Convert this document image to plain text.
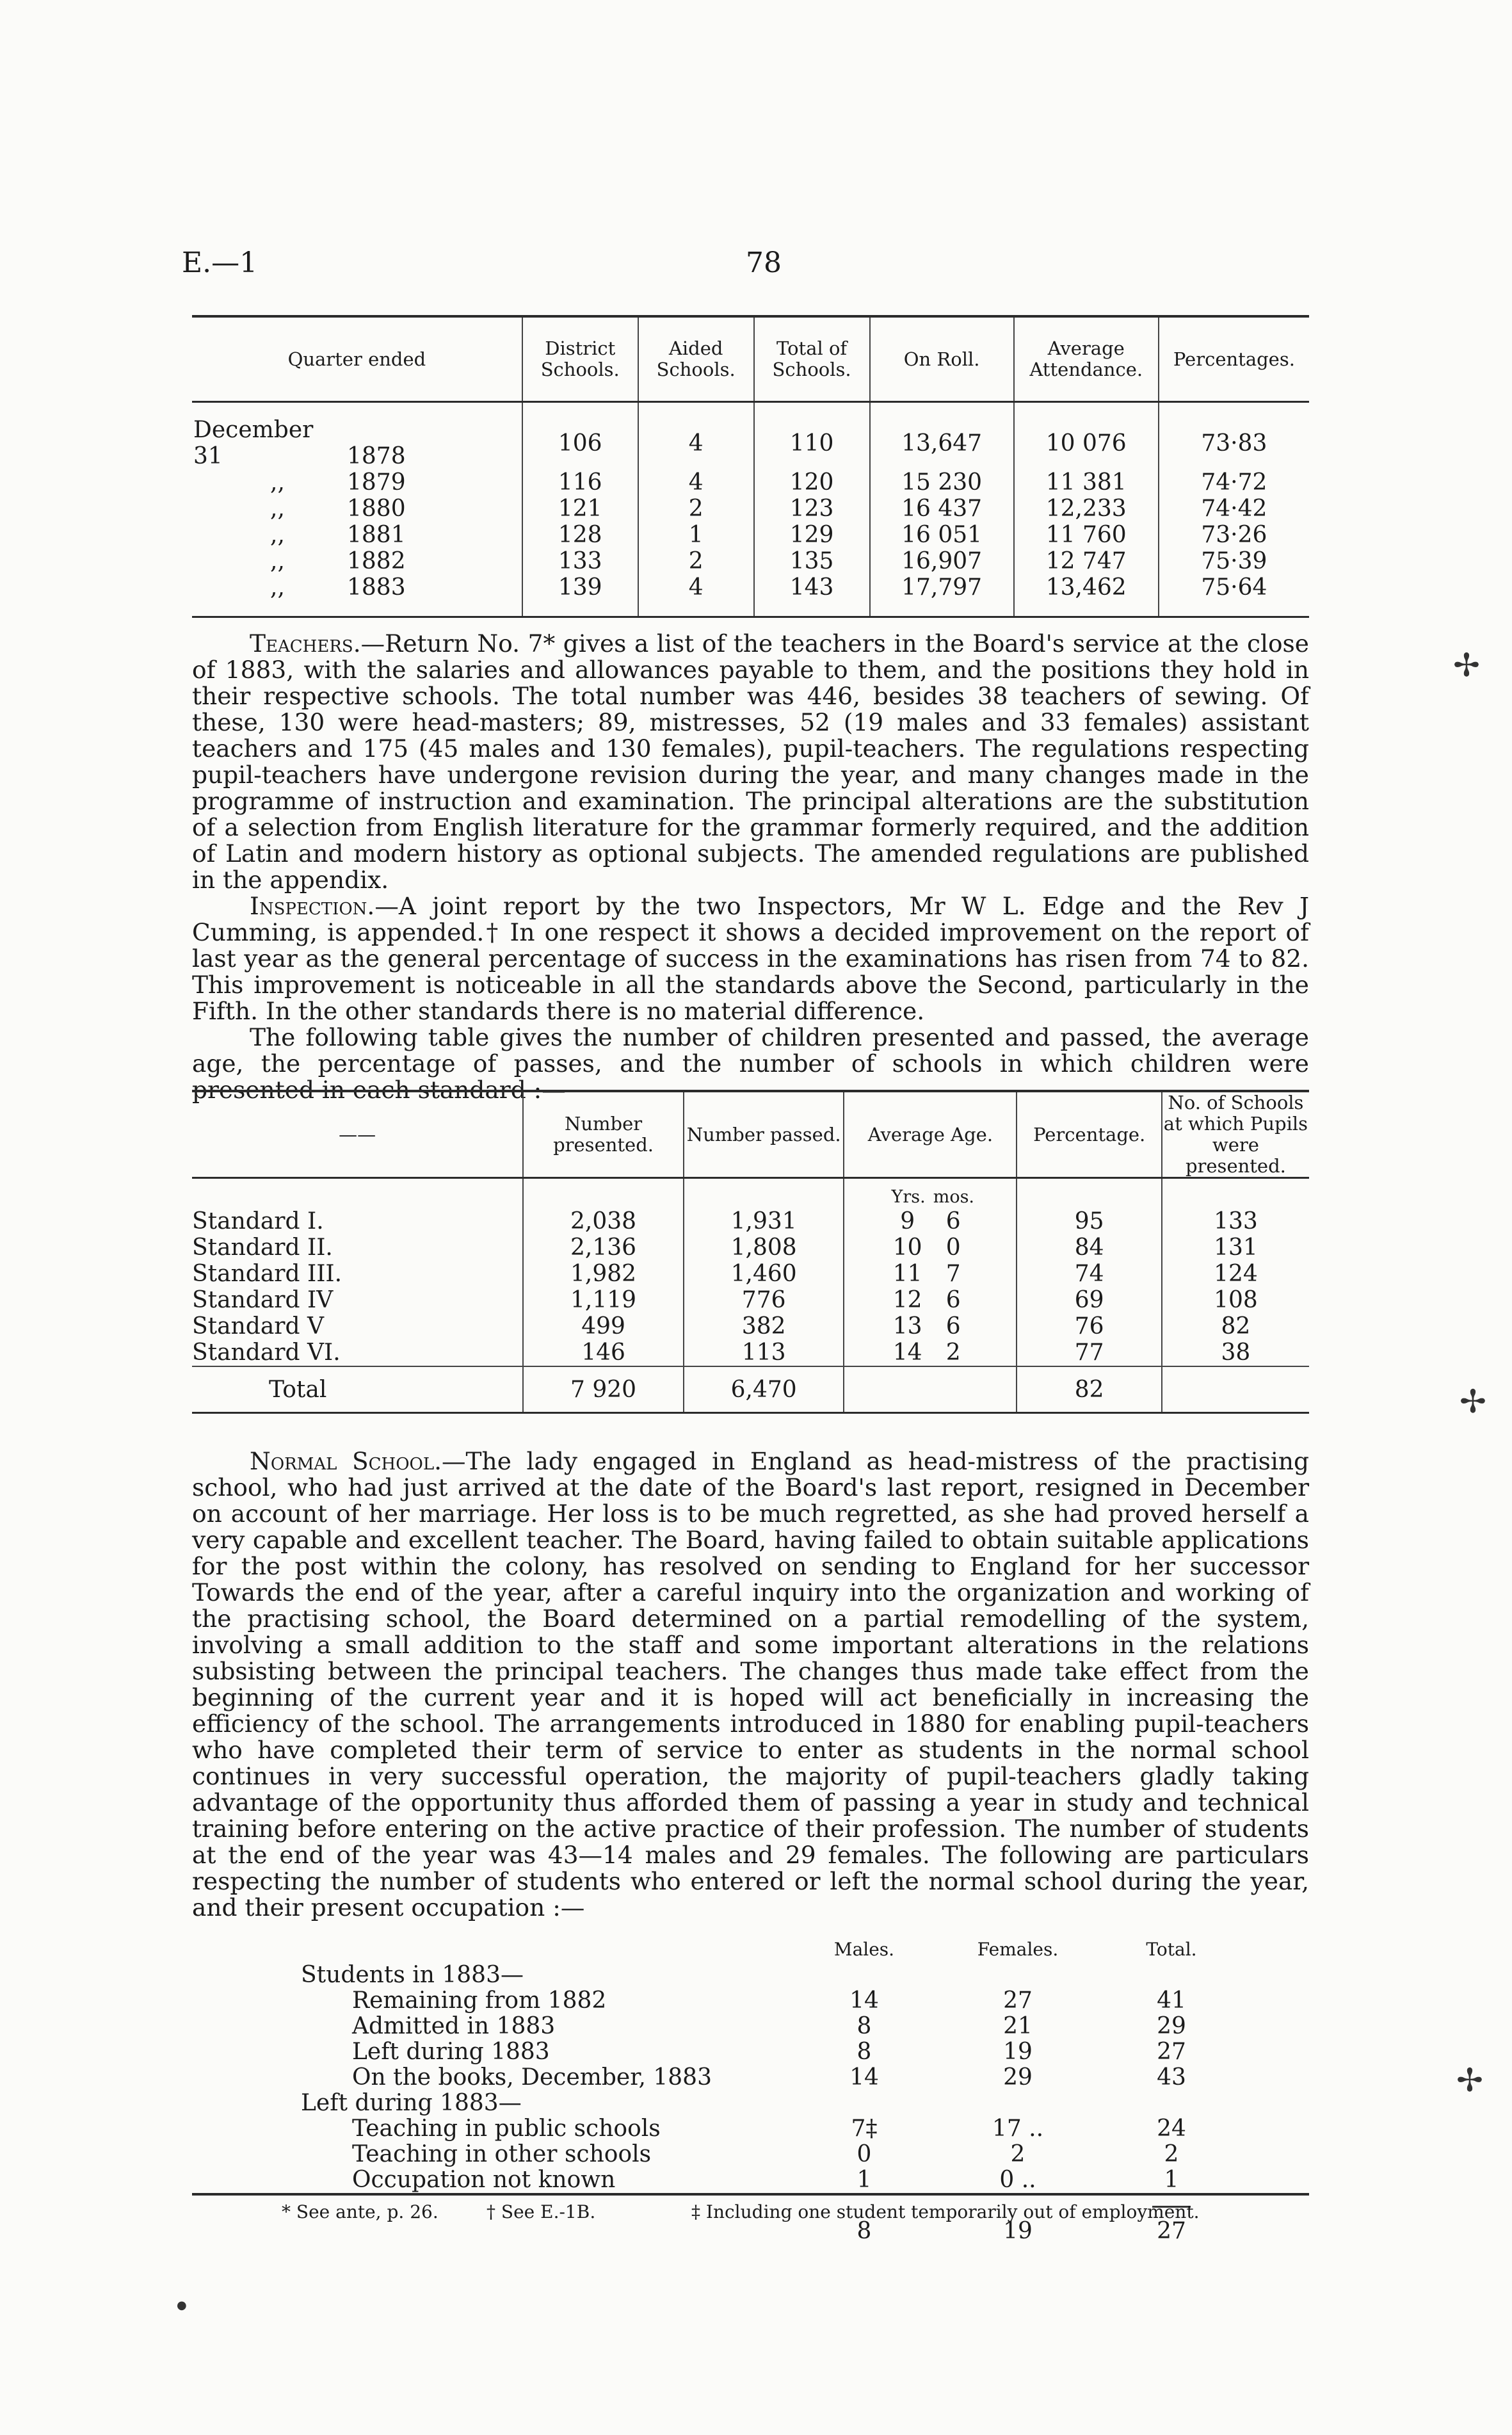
E.—1	78
Quarter ended	District Schools.	Aided Schools.	Total of Schools.	On Roll.	Average Attendance.	Percentages.
December 31 1878	106	4	110	13,647	10 076	73·83
,, 1879	116	4	120	15 230	11 381	74·72
,, 1880	121	2	123	16 437	12,233	74·42
,, 1881	128	1	129	16 051	11 760	73·26
,, 1882	133	2	135	16,907	12 747	75·39
,, 1883	139	4	143	17,797	13,462	75·64

Teachers.—Return No. 7* gives a list of the teachers in the Board's service at the close of 1883, with the salaries and allowances payable to them, and the positions they hold in their respective schools. The total number was 446, besides 38 teachers of sewing. Of these, 130 were head-masters; 89, mistresses, 52 (19 males and 33 females) assistant teachers and 175 (45 males and 130 females), pupil-teachers. The regulations respecting pupil-teachers have undergone revision during the year, and many changes made in the programme of instruction and examination. The principal alterations are the substitution of a selection from English literature for the grammar formerly required, and the addition of Latin and modern history as optional subjects. The amended regulations are published in the appendix.

Inspection.—A joint report by the two Inspectors, Mr W L. Edge and the Rev J Cumming, is appended.† In one respect it shows a decided improvement on the report of last year as the general percentage of success in the examinations has risen from 74 to 82. This improvement is noticeable in all the standards above the Second, particularly in the Fifth. In the other standards there is no material difference.

The following table gives the number of children presented and passed, the average age, the percentage of passes, and the number of schools in which children were presented in each standard :—

——	Number presented.	Number passed.	Average Age.	Percentage.	No. of Schools at which Pupils were presented.
			Yrs. mos.		
Standard I.	2,038	1,931	9 6	95	133
Standard II.	2,136	1,808	10 0	84	131
Standard III.	1,982	1,460	11 7	74	124
Standard IV	1,119	776	12 6	69	108
Standard V	499	382	13 6	76	82
Standard VI.	146	113	14 2	77	38
Total	7 920	6,470		82	

Normal School.—The lady engaged in England as head-mistress of the practising school, who had just arrived at the date of the Board's last report, resigned in December on account of her marriage. Her loss is to be much regretted, as she had proved herself a very capable and excellent teacher. The Board, having failed to obtain suitable applications for the post within the colony, has resolved on sending to England for her successor Towards the end of the year, after a careful inquiry into the organization and working of the practising school, the Board determined on a partial remodelling of the system, involving a small addition to the staff and some important alterations in the relations subsisting between the principal teachers. The changes thus made take effect from the beginning of the current year and it is hoped will act beneficially in increasing the efficiency of the school. The arrangements introduced in 1880 for enabling pupil-teachers who have completed their term of service to enter as students in the normal school continues in very successful operation, the majority of pupil-teachers gladly taking advantage of the opportunity thus afforded them of passing a year in study and technical training before entering on the active practice of their profession. The number of students at the end of the year was 43—14 males and 29 females. The following are particulars respecting the number of students who entered or left the normal school during the year, and their present occupation :—

	Males.	Females.	Total.
Students in 1883—			
Remaining from 1882	14	27	41
Admitted in 1883	8	21	29
Left during 1883	8	19	27
On the books, December, 1883	14	29	43
Left during 1883—			
Teaching in public schools	7‡	17 ..	24
Teaching in other schools	0	2	2
Occupation not known	1	0 ..	1

	8	19	27
* See ante, p. 26.	† See E.-1B.	‡ Including one student temporarily out of employment.
✢
✢
✢
●
